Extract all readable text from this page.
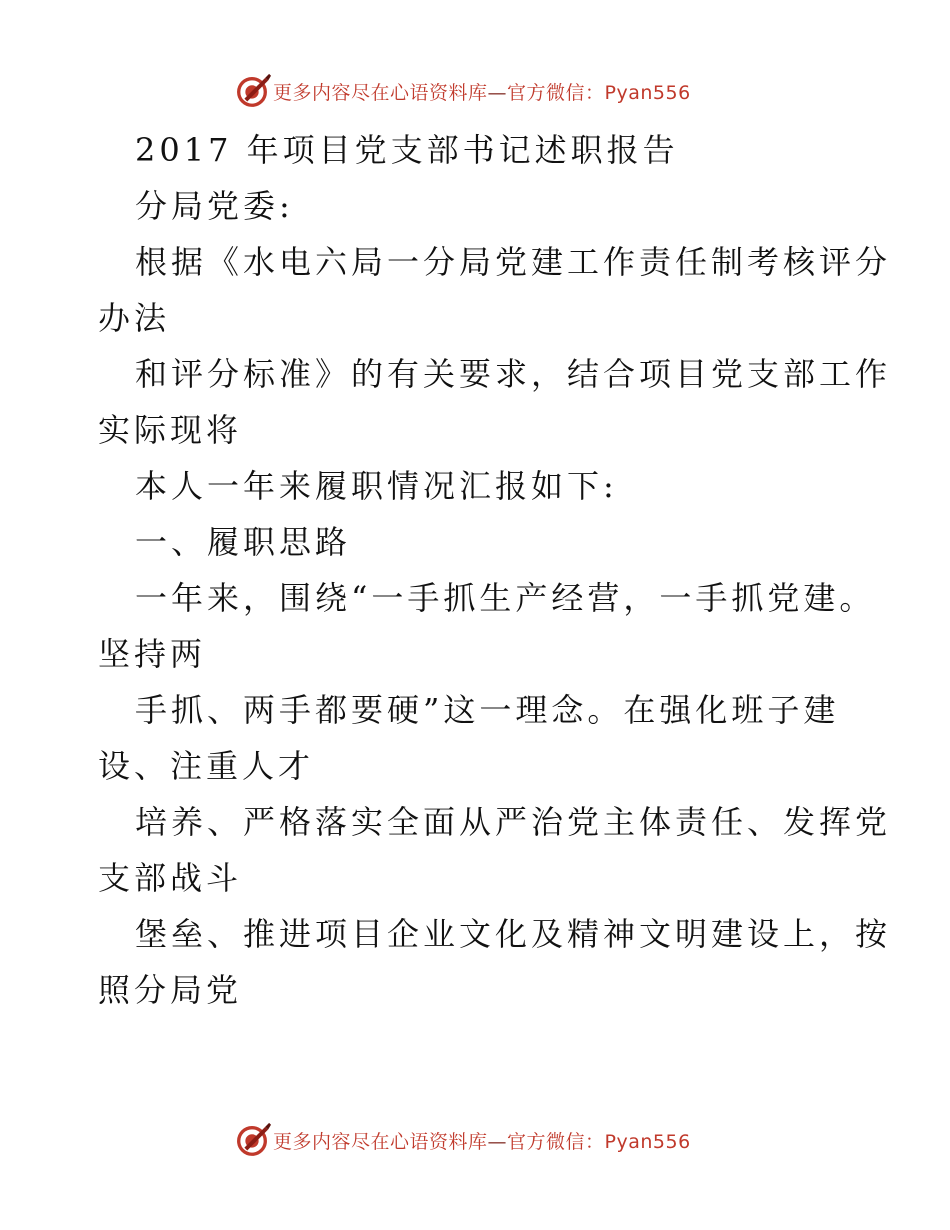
更多内容尽在心语资料库—官方微信：Pyan556
2017 年项目党支部书记述职报告
分局党委:
根据《水电六局一分局党建工作责任制考核评分
办法
和评分标准》的有关要求，结合项目党支部工作
实际现将
本人一年来履职情况汇报如下:
一、履职思路
一年来，围绕“一手抓生产经营，一手抓党建。
坚持两
手抓、两手都要硬”这一理念。在强化班子建
设、注重人才
培养、严格落实全面从严治党主体责任、发挥党
支部战斗
堡垒、推进项目企业文化及精神文明建设上，按
照分局党
更多内容尽在心语资料库—官方微信：Pyan556
